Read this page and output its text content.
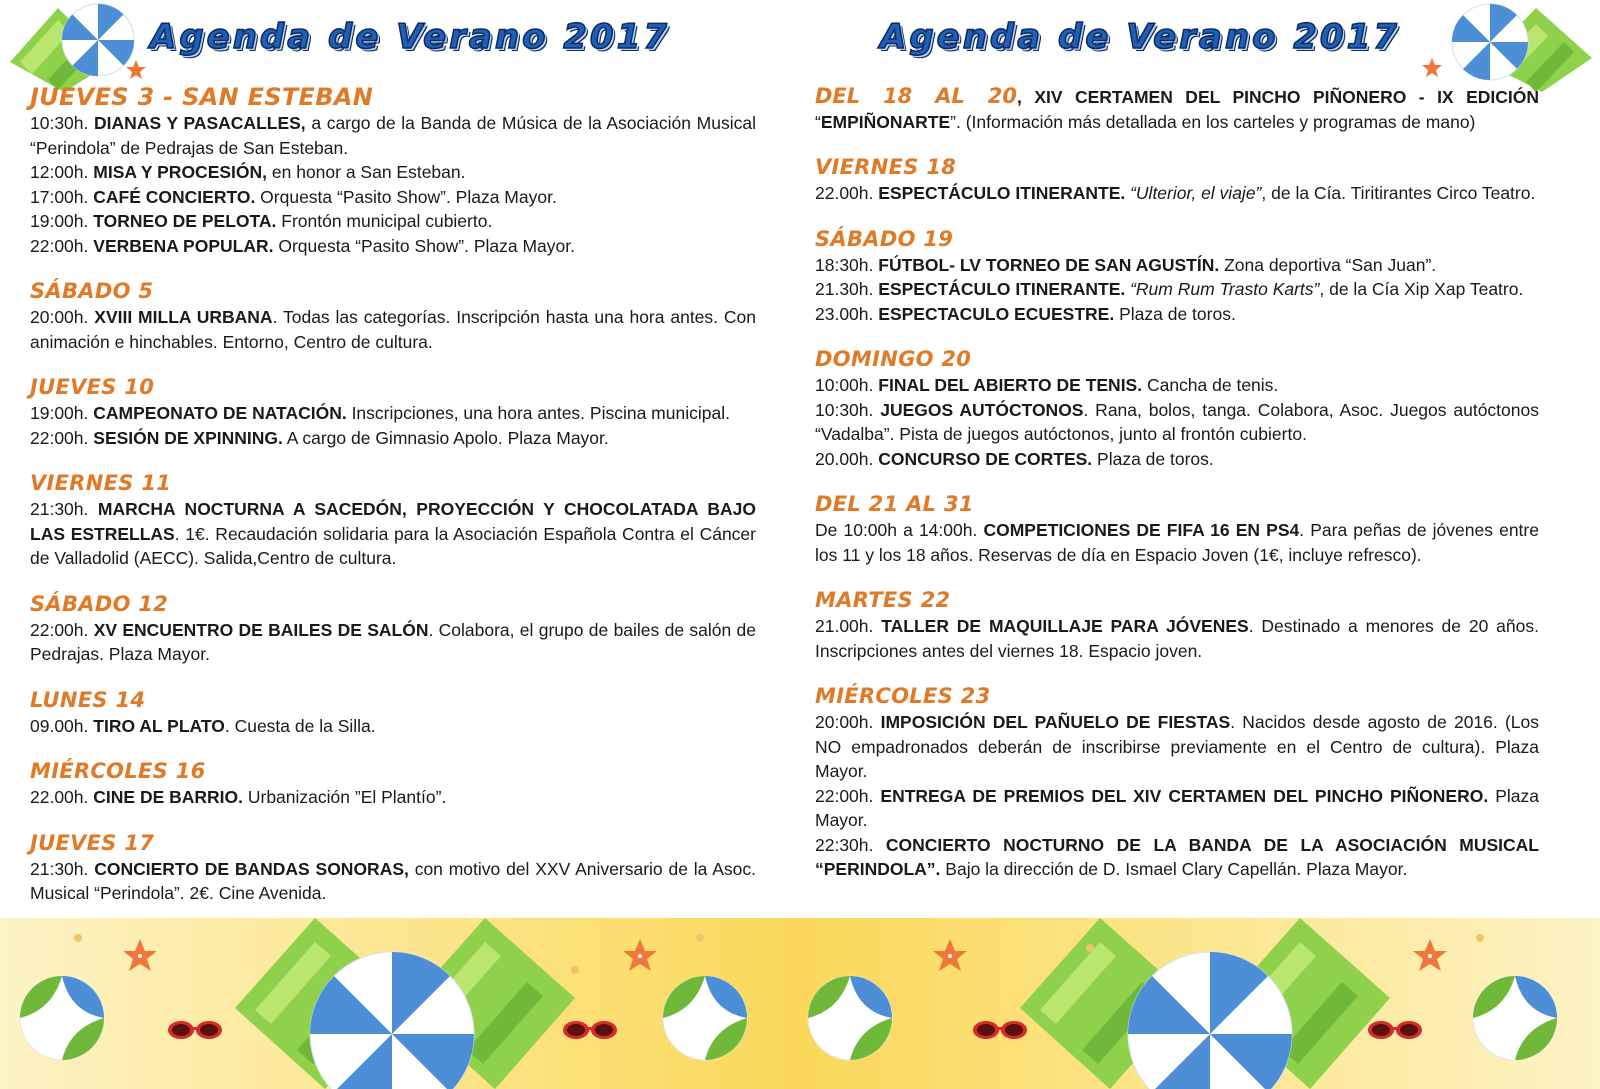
Agenda de Verano 2017	Agenda de Verano 2017
JUEVES 3 - SAN ESTEBAN
10:30h. DIANAS Y PASACALLES, a cargo de la Banda de Música de la Asociación Musical “Perindola” de Pedrajas de San Esteban.
12:00h. MISA Y PROCESIÓN, en honor a San Esteban.
17:00h. CAFÉ CONCIERTO. Orquesta “Pasito Show”. Plaza Mayor.
19:00h. TORNEO DE PELOTA. Frontón municipal cubierto.
22:00h. VERBENA POPULAR. Orquesta “Pasito Show”. Plaza Mayor.
SÁBADO 5
20:00h. XVIII MILLA URBANA. Todas las categorías. Inscripción hasta una hora antes. Con animación e hinchables. Entorno, Centro de cultura.
JUEVES 10
19:00h. CAMPEONATO DE NATACIÓN. Inscripciones, una hora antes. Piscina municipal.
22:00h. SESIÓN DE XPINNING. A cargo de Gimnasio Apolo. Plaza Mayor.
VIERNES 11
21:30h. MARCHA NOCTURNA A SACEDÓN, PROYECCIÓN Y CHOCOLATADA BAJO LAS ESTRELLAS. 1€. Recaudación solidaria para la Asociación Española Contra el Cáncer de Valladolid (AECC). Salida,Centro de cultura.
SÁBADO 12
22:00h. XV ENCUENTRO DE BAILES DE SALÓN. Colabora, el grupo de bailes de salón de Pedrajas. Plaza Mayor.
LUNES 14
09.00h. TIRO AL PLATO. Cuesta de la Silla.
MIÉRCOLES 16
22.00h. CINE DE BARRIO. Urbanización ”El Plantío”.
JUEVES 17
21:30h. CONCIERTO DE BANDAS SONORAS, con motivo del XXV Aniversario de la Asoc. Musical “Perindola”. 2€. Cine Avenida.
DEL 18 AL 20, XIV CERTAMEN DEL PINCHO PIÑONERO - IX EDICIÓN “EMPIÑONARTE”. (Información más detallada en los carteles y programas de mano)
VIERNES 18
22.00h. ESPECTÁCULO ITINERANTE. “Ulterior, el viaje”, de la Cía. Tiritirantes Circo Teatro.
SÁBADO 19
18:30h. FÚTBOL- LV TORNEO DE SAN AGUSTÍN. Zona deportiva “San Juan”.
21.30h. ESPECTÁCULO ITINERANTE. “Rum Rum Trasto Karts”, de la Cía Xip Xap Teatro.
23.00h. ESPECTACULO ECUESTRE. Plaza de toros.
DOMINGO 20
10:00h. FINAL DEL ABIERTO DE TENIS. Cancha de tenis.
10:30h. JUEGOS AUTÓCTONOS. Rana, bolos, tanga. Colabora, Asoc. Juegos autóctonos “Vadalba”. Pista de juegos autóctonos, junto al frontón cubierto.
20.00h. CONCURSO DE CORTES. Plaza de toros.
DEL 21 AL 31
De 10:00h a 14:00h. COMPETICIONES DE FIFA 16 EN PS4. Para peñas de jóvenes entre los 11 y los 18 años. Reservas de día en Espacio Joven (1€, incluye refresco).
MARTES 22
21.00h. TALLER DE MAQUILLAJE PARA JÓVENES. Destinado a menores de 20 años. Inscripciones antes del viernes 18. Espacio joven.
MIÉRCOLES 23
20:00h. IMPOSICIÓN DEL PAÑUELO DE FIESTAS. Nacidos desde agosto de 2016. (Los NO empadronados deberán de inscribirse previamente en el Centro de cultura). Plaza Mayor.
22:00h. ENTREGA DE PREMIOS DEL XIV CERTAMEN DEL PINCHO PIÑONERO. Plaza Mayor.
22:30h. CONCIERTO NOCTURNO DE LA BANDA DE LA ASOCIACIÓN MUSICAL “PERINDOLA”. Bajo la dirección de D. Ismael Clary Capellán. Plaza Mayor.
